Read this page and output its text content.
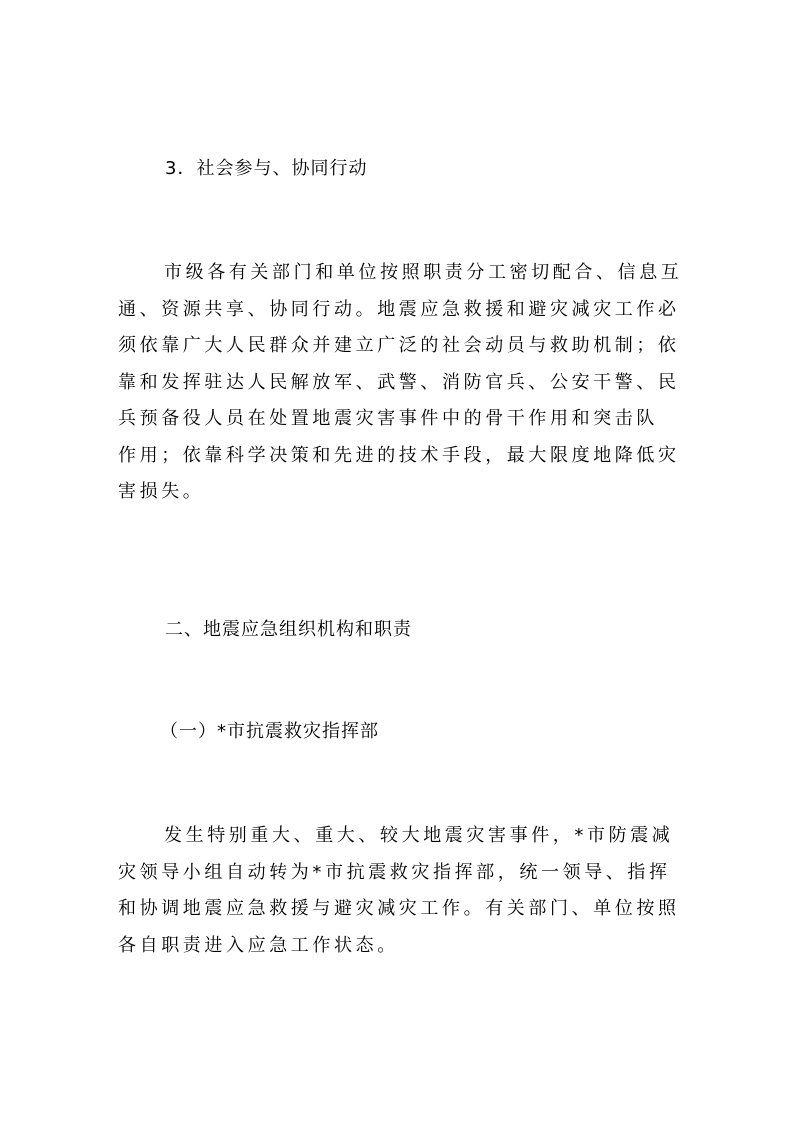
3．社会参与、协同行动
市级各有关部门和单位按照职责分工密切配合、信息互
通、资源共享、协同行动。地震应急救援和避灾减灾工作必
须依靠广大人民群众并建立广泛的社会动员与救助机制；依
靠和发挥驻达人民解放军、武警、消防官兵、公安干警、民
兵预备役人员在处置地震灾害事件中的骨干作用和突击队
作用；依靠科学决策和先进的技术手段，最大限度地降低灾
害损失。
二、地震应急组织机构和职责
（一）*市抗震救灾指挥部
发生特别重大、重大、较大地震灾害事件，*市防震减
灾领导小组自动转为*市抗震救灾指挥部，统一领导、指挥
和协调地震应急救援与避灾减灾工作。有关部门、单位按照
各自职责进入应急工作状态。
